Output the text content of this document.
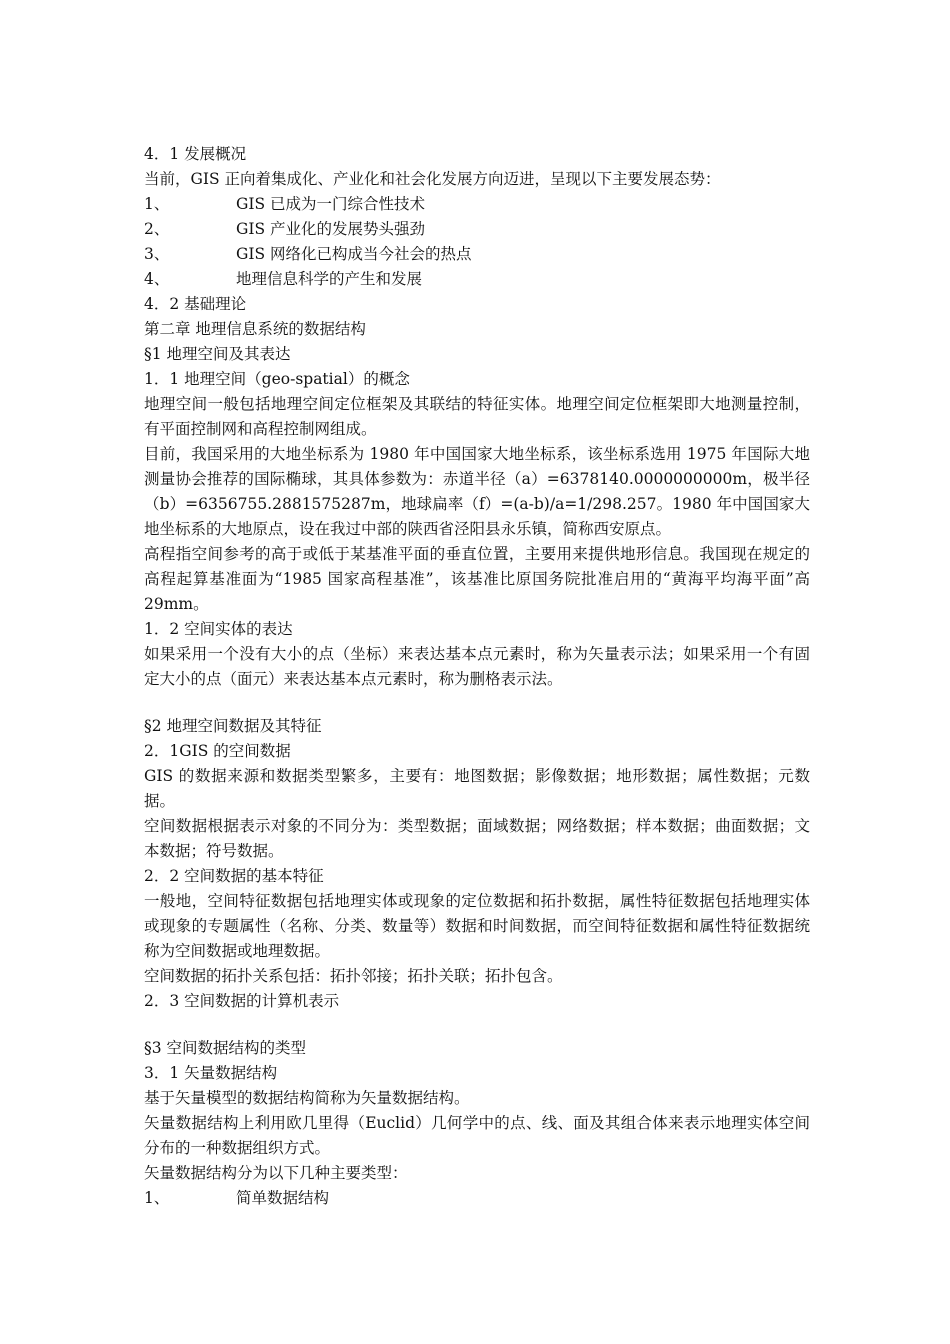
4．1 发展概况

当前，GIS 正向着集成化、产业化和社会化发展方向迈进，呈现以下主要发展态势：

1、	GIS 已成为一门综合性技术
2、	GIS 产业化的发展势头强劲
3、	GIS 网络化已构成当今社会的热点
4、	地理信息科学的产生和发展

4．2 基础理论

第二章 地理信息系统的数据结构

§1 地理空间及其表达

1．1 地理空间（geo-spatial）的概念

地理空间一般包括地理空间定位框架及其联结的特征实体。地理空间定位框架即大地测量控制，有平面控制网和高程控制网组成。

目前，我国采用的大地坐标系为 1980 年中国国家大地坐标系，该坐标系选用 1975 年国际大地测量协会推荐的国际椭球，其具体参数为：赤道半径（a）=6378140.0000000000m，极半径（b）=6356755.2881575287m，地球扁率（f）=(a-b)/a=1/298.257。1980 年中国国家大地坐标系的大地原点，设在我过中部的陕西省泾阳县永乐镇，简称西安原点。

高程指空间参考的高于或低于某基准平面的垂直位置，主要用来提供地形信息。我国现在规定的高程起算基准面为“1985 国家高程基准”，该基准比原国务院批准启用的“黄海平均海平面”高 29mm。

1．2 空间实体的表达

如果采用一个没有大小的点（坐标）来表达基本点元素时，称为矢量表示法；如果采用一个有固定大小的点（面元）来表达基本点元素时，称为删格表示法。

§2 地理空间数据及其特征

2．1GIS 的空间数据

GIS 的数据来源和数据类型繁多，主要有：地图数据；影像数据；地形数据；属性数据；元数据。

空间数据根据表示对象的不同分为：类型数据；面域数据；网络数据；样本数据；曲面数据；文本数据；符号数据。

2．2 空间数据的基本特征

一般地，空间特征数据包括地理实体或现象的定位数据和拓扑数据，属性特征数据包括地理实体或现象的专题属性（名称、分类、数量等）数据和时间数据，而空间特征数据和属性特征数据统称为空间数据或地理数据。

空间数据的拓扑关系包括：拓扑邻接；拓扑关联；拓扑包含。

2．3 空间数据的计算机表示

§3 空间数据结构的类型

3．1 矢量数据结构

基于矢量模型的数据结构简称为矢量数据结构。

矢量数据结构上利用欧几里得（Euclid）几何学中的点、线、面及其组合体来表示地理实体空间分布的一种数据组织方式。

矢量数据结构分为以下几种主要类型：

1、	简单数据结构
